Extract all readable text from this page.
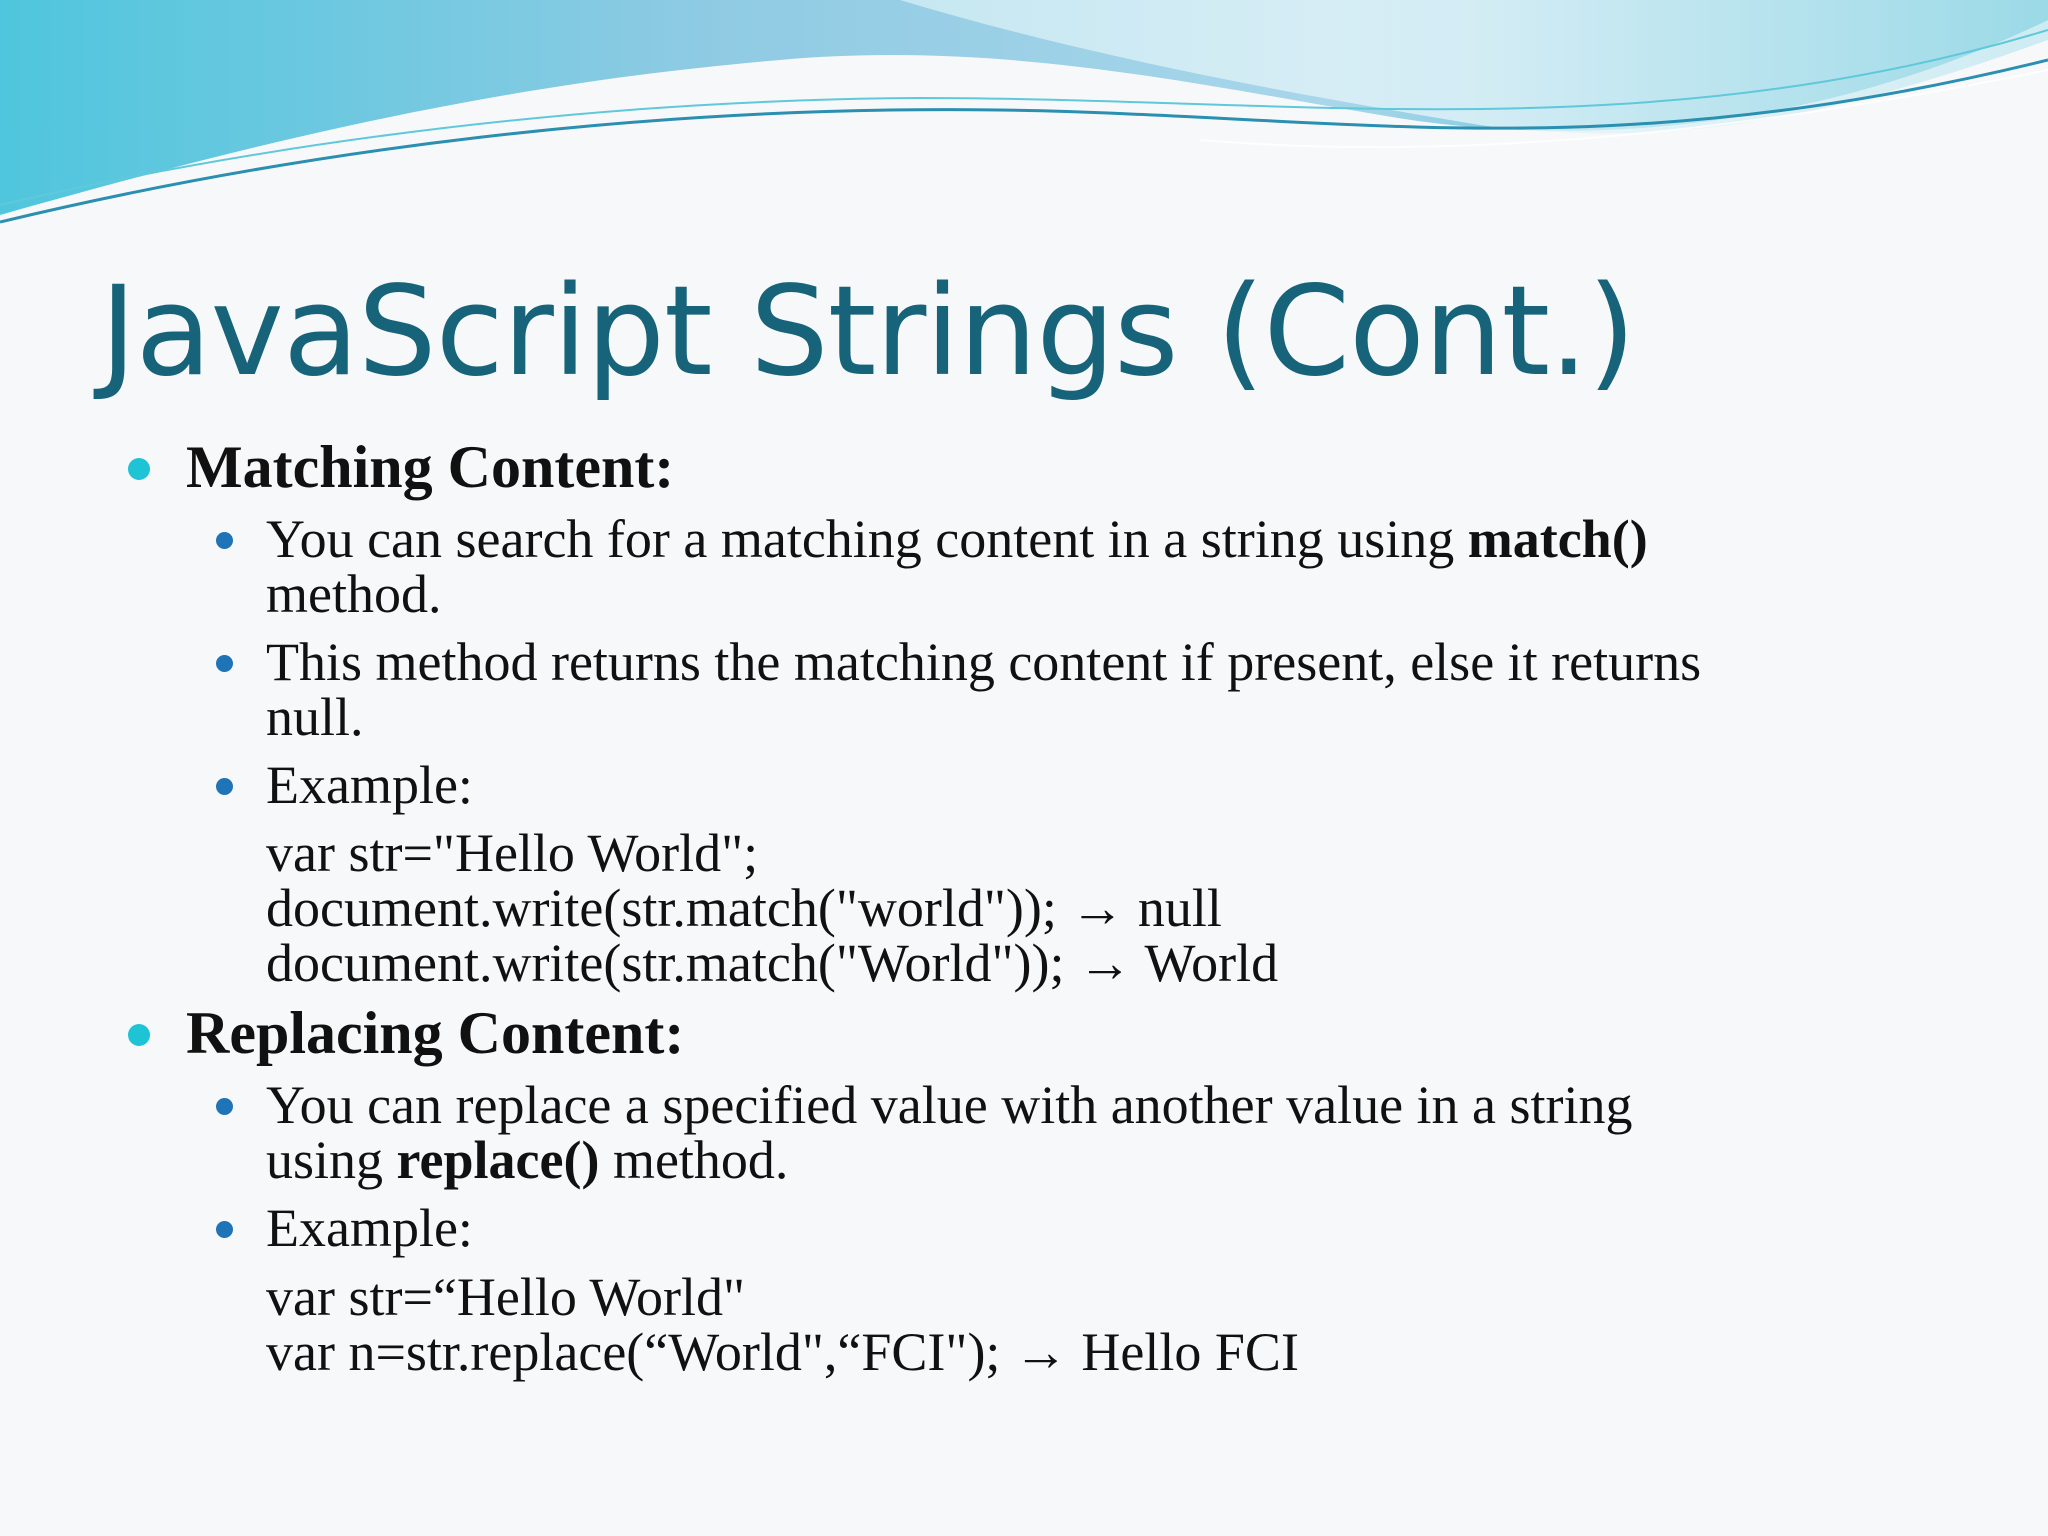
JavaScript Strings (Cont.)
Matching Content:
You can search for a matching content in a string using match()
method.
This method returns the matching content if present, else it returns
null.
Example:
var str="Hello World";
document.write(str.match("world")); → null
document.write(str.match("World")); → World
Replacing Content:
You can replace a specified value with another value in a string
using replace() method.
Example:
var str=“Hello World"
var n=str.replace(“World",“FCI"); → Hello FCI
